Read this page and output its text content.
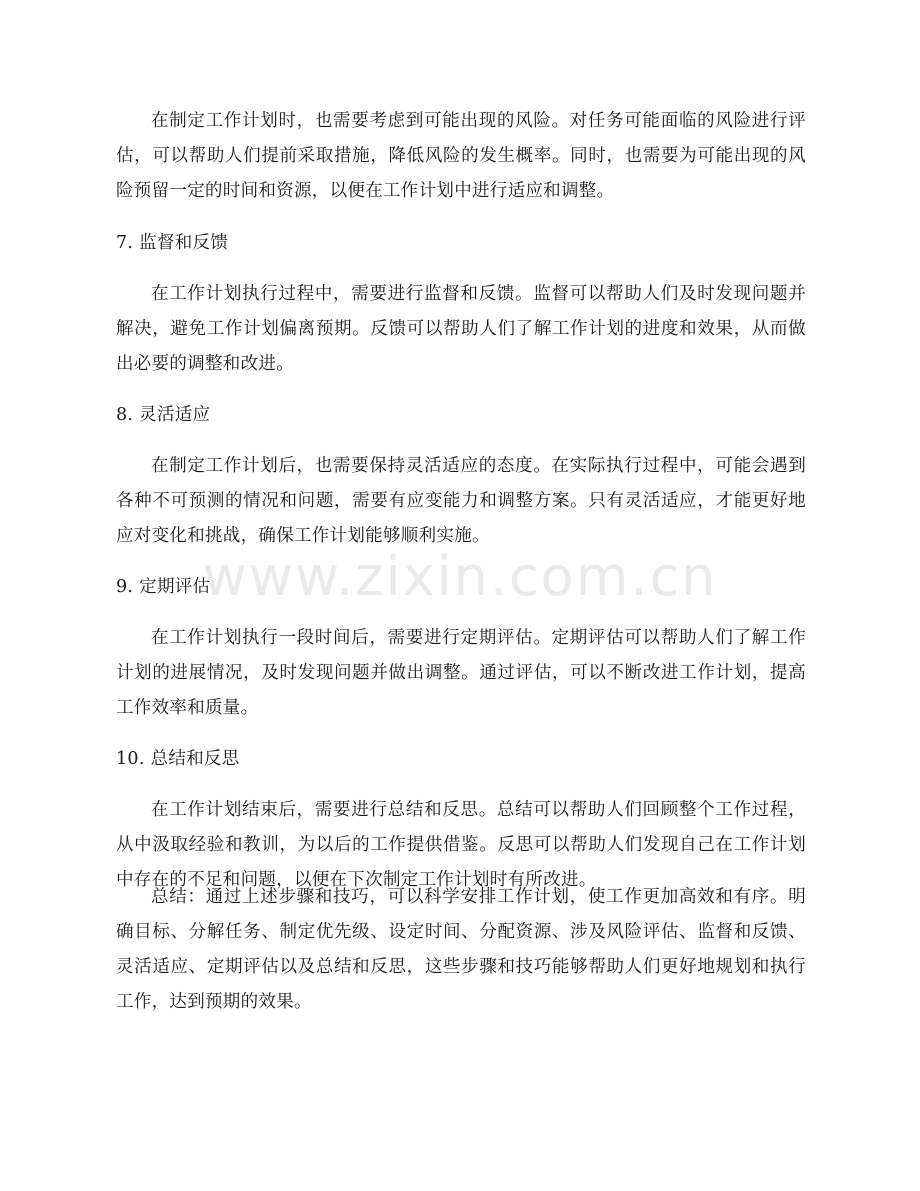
在制定工作计划时，也需要考虑到可能出现的风险。对任务可能面临的风险进行评估，可以帮助人们提前采取措施，降低风险的发生概率。同时，也需要为可能出现的风险预留一定的时间和资源，以便在工作计划中进行适应和调整。
7. 监督和反馈
在工作计划执行过程中，需要进行监督和反馈。监督可以帮助人们及时发现问题并解决，避免工作计划偏离预期。反馈可以帮助人们了解工作计划的进度和效果，从而做出必要的调整和改进。
8. 灵活适应
在制定工作计划后，也需要保持灵活适应的态度。在实际执行过程中，可能会遇到各种不可预测的情况和问题，需要有应变能力和调整方案。只有灵活适应，才能更好地应对变化和挑战，确保工作计划能够顺利实施。
9. 定期评估
在工作计划执行一段时间后，需要进行定期评估。定期评估可以帮助人们了解工作计划的进展情况，及时发现问题并做出调整。通过评估，可以不断改进工作计划，提高工作效率和质量。
10. 总结和反思
在工作计划结束后，需要进行总结和反思。总结可以帮助人们回顾整个工作过程，从中汲取经验和教训，为以后的工作提供借鉴。反思可以帮助人们发现自己在工作计划中存在的不足和问题，以便在下次制定工作计划时有所改进。
总结：通过上述步骤和技巧，可以科学安排工作计划，使工作更加高效和有序。明确目标、分解任务、制定优先级、设定时间、分配资源、涉及风险评估、监督和反馈、灵活适应、定期评估以及总结和反思，这些步骤和技巧能够帮助人们更好地规划和执行工作，达到预期的效果。
www.zixin.com.cn
